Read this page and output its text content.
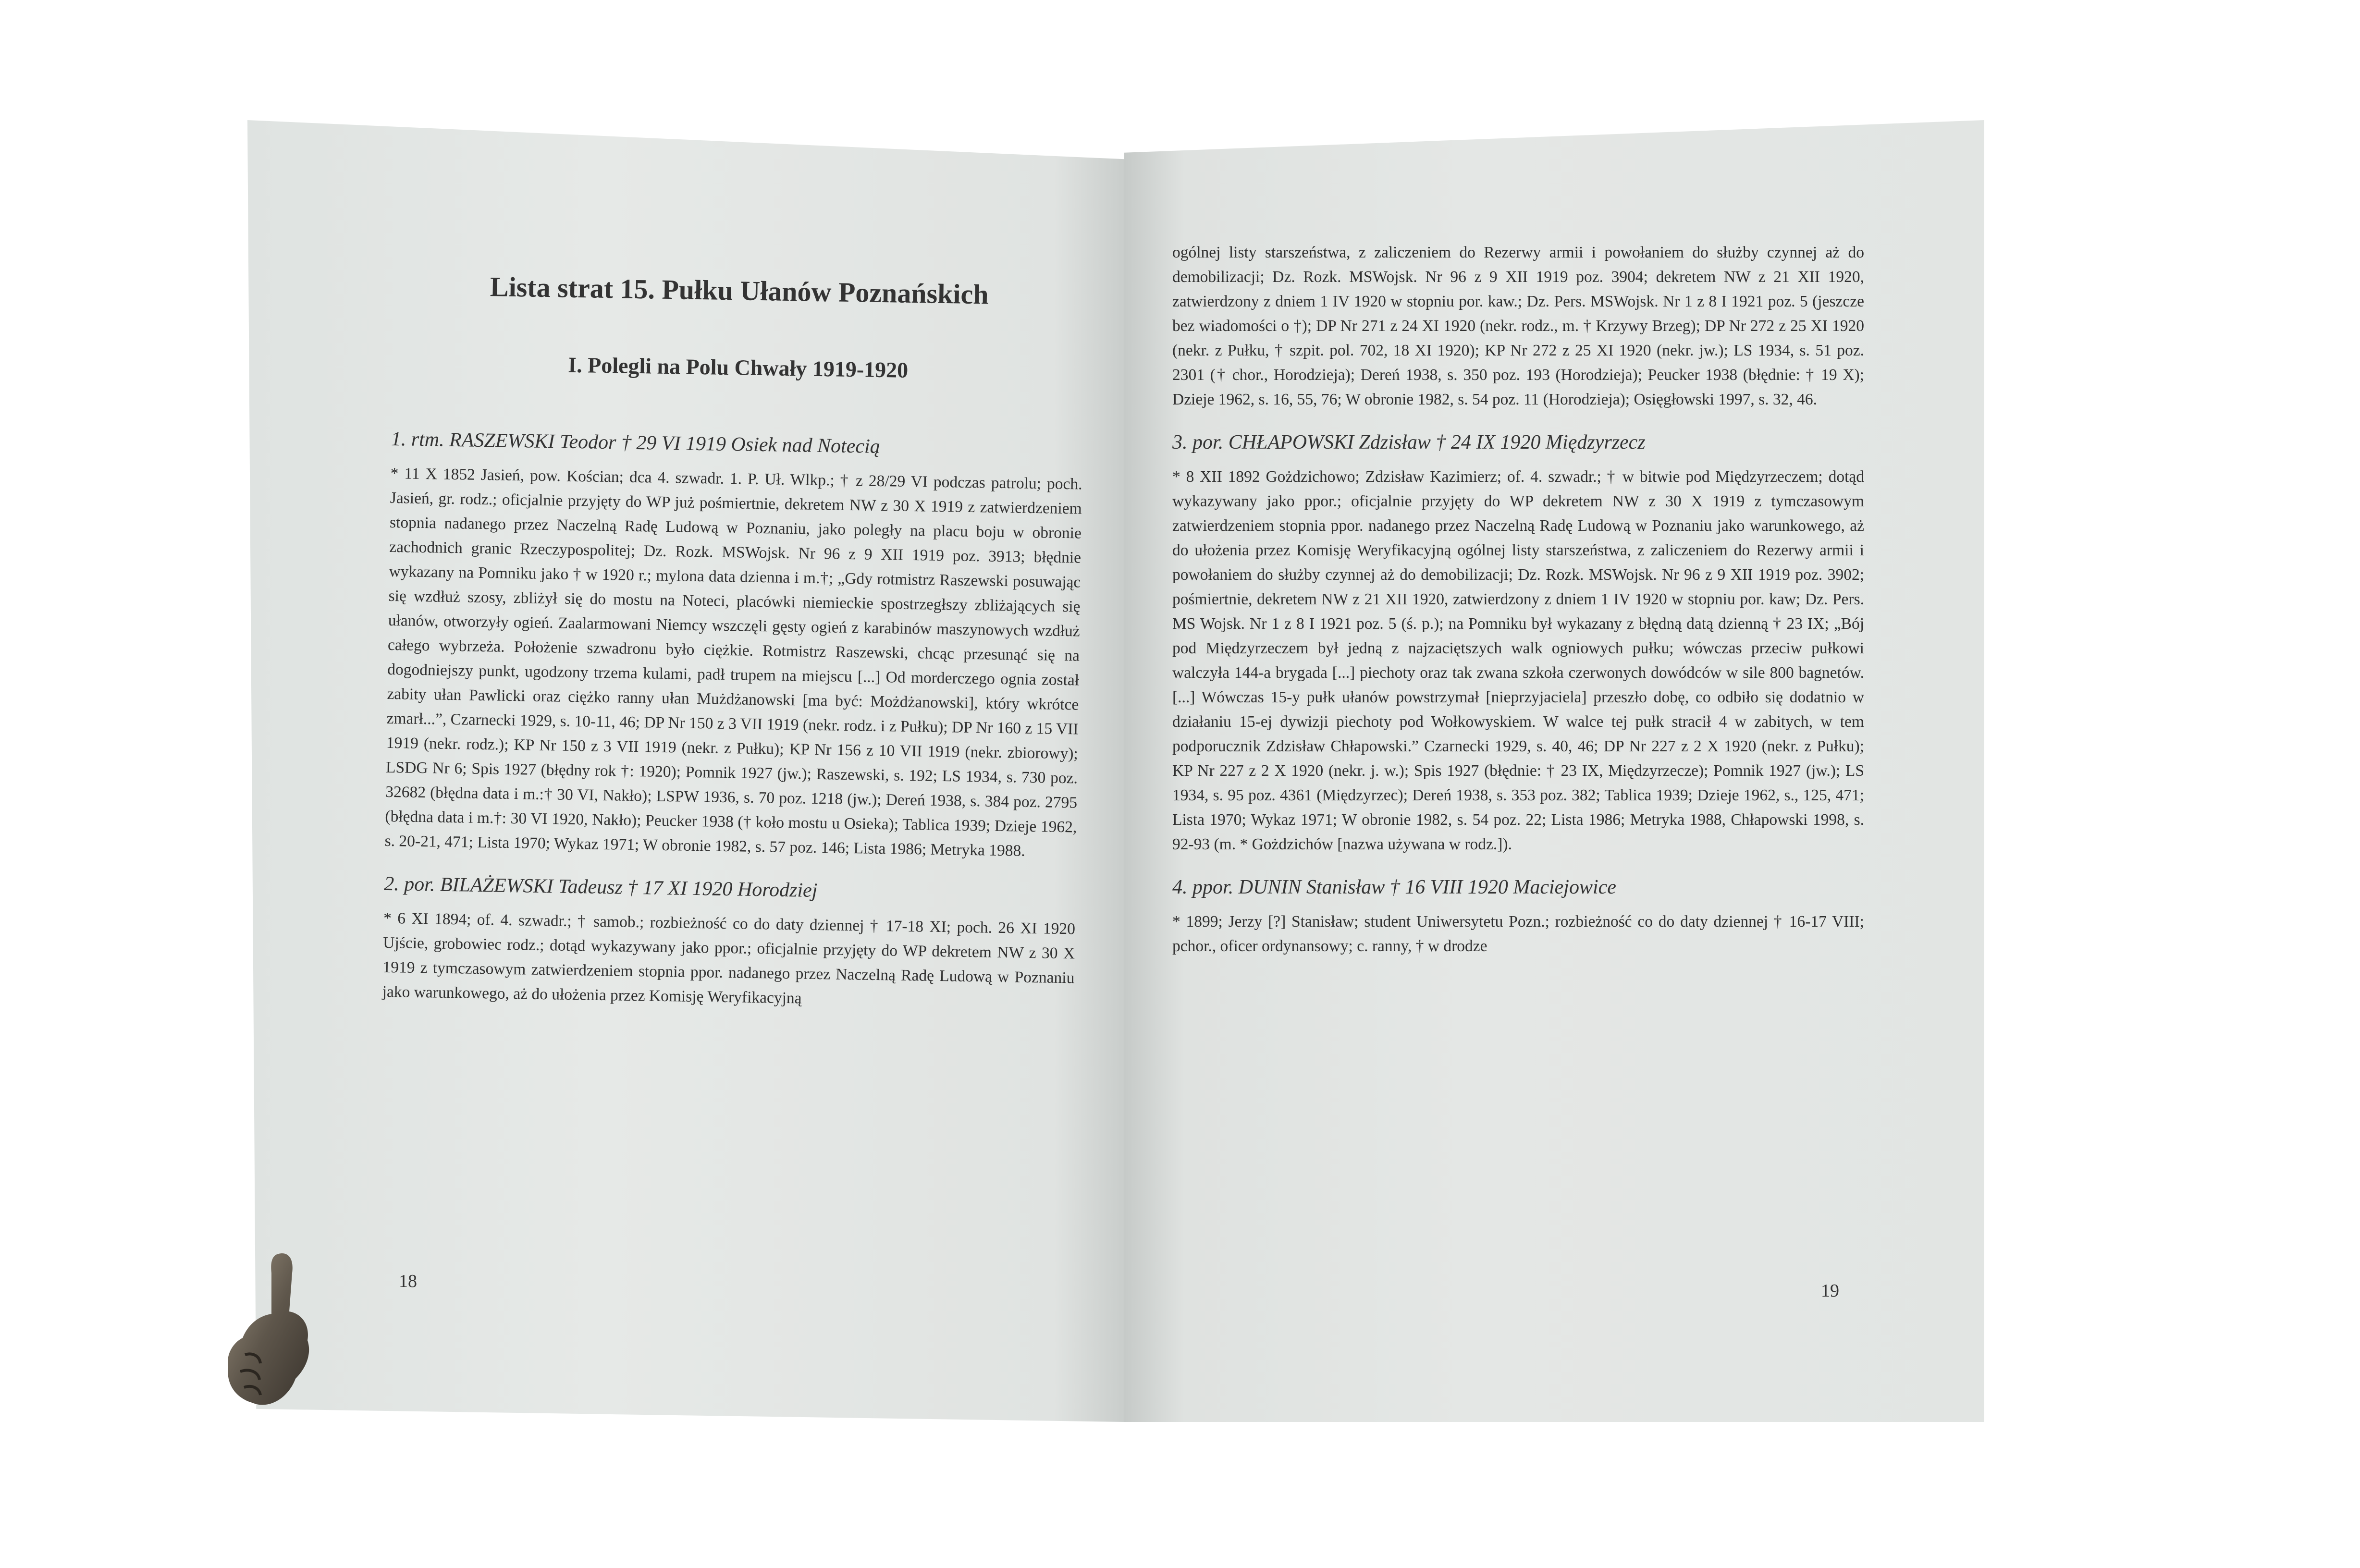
Lista strat 15. Pułku Ułanów Poznańskich
I. Polegli na Polu Chwały 1919-1920
1. rtm. RASZEWSKI Teodor † 29 VI 1919 Osiek nad Notecią

* 11 X 1852 Jasień, pow. Kościan; dca 4. szwadr. 1. P. Uł. Wlkp.; † z 28/29 VI podczas patrolu; poch. Jasień, gr. rodz.; oficjalnie przyjęty do WP już pośmiertnie, dekretem NW z 30 X 1919 z zatwierdzeniem stopnia nadanego przez Naczelną Radę Ludową w Poznaniu, jako poległy na placu boju w obronie zachodnich granic Rzeczypospolitej; Dz. Rozk. MSWojsk. Nr 96 z 9 XII 1919 poz. 3913; błędnie wykazany na Pomniku jako † w 1920 r.; mylona data dzienna i m.†; „Gdy rotmistrz Raszewski posuwając się wzdłuż szosy, zbliżył się do mostu na Noteci, placówki niemieckie spostrzegłszy zbliżających się ułanów, otworzyły ogień. Zaalarmowani Niemcy wszczęli gęsty ogień z karabinów maszynowych wzdłuż całego wybrzeża. Położenie szwadronu było ciężkie. Rotmistrz Raszewski, chcąc przesunąć się na dogodniejszy punkt, ugodzony trzema kulami, padł trupem na miejscu [...] Od morderczego ognia został zabity ułan Pawlicki oraz ciężko ranny ułan Mużdżanowski [ma być: Możdżanowski], który wkrótce zmarł...”, Czarnecki 1929, s. 10-11, 46; DP Nr 150 z 3 VII 1919 (nekr. rodz. i z Pułku); DP Nr 160 z 15 VII 1919 (nekr. rodz.); KP Nr 150 z 3 VII 1919 (nekr. z Pułku); KP Nr 156 z 10 VII 1919 (nekr. zbiorowy); LSDG Nr 6; Spis 1927 (błędny rok †: 1920); Pomnik 1927 (jw.); Raszewski, s. 192; LS 1934, s. 730 poz. 32682 (błędna data i m.:† 30 VI, Nakło); LSPW 1936, s. 70 poz. 1218 (jw.); Dereń 1938, s. 384 poz. 2795 (błędna data i m.†: 30 VI 1920, Nakło); Peucker 1938 († koło mostu u Osieka); Tablica 1939; Dzieje 1962, s. 20-21, 471; Lista 1970; Wykaz 1971; W obronie 1982, s. 57 poz. 146; Lista 1986; Metryka 1988.

2. por. BILAŻEWSKI Tadeusz † 17 XI 1920 Horodziej

* 6 XI 1894; of. 4. szwadr.; † samob.; rozbieżność co do daty dziennej † 17-18 XI; poch. 26 XI 1920 Ujście, grobowiec rodz.; dotąd wykazywany jako ppor.; oficjalnie przyjęty do WP dekretem NW z 30 X 1919 z tymczasowym zatwierdzeniem stopnia ppor. nadanego przez Naczelną Radę Ludową w Poznaniu jako warunkowego, aż do ułożenia przez Komisję Weryfikacyjną

18

ogólnej listy starszeństwa, z zaliczeniem do Rezerwy armii i powołaniem do służby czynnej aż do demobilizacji; Dz. Rozk. MSWojsk. Nr 96 z 9 XII 1919 poz. 3904; dekretem NW z 21 XII 1920, zatwierdzony z dniem 1 IV 1920 w stopniu por. kaw.; Dz. Pers. MSWojsk. Nr 1 z 8 I 1921 poz. 5 (jeszcze bez wiadomości o †); DP Nr 271 z 24 XI 1920 (nekr. rodz., m. † Krzywy Brzeg); DP Nr 272 z 25 XI 1920 (nekr. z Pułku, † szpit. pol. 702, 18 XI 1920); KP Nr 272 z 25 XI 1920 (nekr. jw.); LS 1934, s. 51 poz. 2301 († chor., Horodzieja); Dereń 1938, s. 350 poz. 193 (Horodzieja); Peucker 1938 (błędnie: † 19 X); Dzieje 1962, s. 16, 55, 76; W obronie 1982, s. 54 poz. 11 (Horodzieja); Osięgłowski 1997, s. 32, 46.

3. por. CHŁAPOWSKI Zdzisław † 24 IX 1920 Międzyrzecz

* 8 XII 1892 Gożdzichowo; Zdzisław Kazimierz; of. 4. szwadr.; † w bitwie pod Międzyrzeczem; dotąd wykazywany jako ppor.; oficjalnie przyjęty do WP dekretem NW z 30 X 1919 z tymczasowym zatwierdzeniem stopnia ppor. nadanego przez Naczelną Radę Ludową w Poznaniu jako warunkowego, aż do ułożenia przez Komisję Weryfikacyjną ogólnej listy starszeństwa, z zaliczeniem do Rezerwy armii i powołaniem do służby czynnej aż do demobilizacji; Dz. Rozk. MSWojsk. Nr 96 z 9 XII 1919 poz. 3902; pośmiertnie, dekretem NW z 21 XII 1920, zatwierdzony z dniem 1 IV 1920 w stopniu por. kaw; Dz. Pers. MS Wojsk. Nr 1 z 8 I 1921 poz. 5 (ś. p.); na Pomniku był wykazany z błędną datą dzienną † 23 IX; „Bój pod Międzyrzeczem był jedną z najzaciętszych walk ogniowych pułku; wówczas przeciw pułkowi walczyła 144-a brygada [...] piechoty oraz tak zwana szkoła czerwonych dowódców w sile 800 bagnetów. [...] Wówczas 15-y pułk ułanów powstrzymał [nieprzyjaciela] przeszło dobę, co odbiło się dodatnio w działaniu 15-ej dywizji piechoty pod Wołkowyskiem. W walce tej pułk stracił 4 w zabitych, w tem podporucznik Zdzisław Chłapowski.” Czarnecki 1929, s. 40, 46; DP Nr 227 z 2 X 1920 (nekr. z Pułku); KP Nr 227 z 2 X 1920 (nekr. j. w.); Spis 1927 (błędnie: † 23 IX, Międzyrzecze); Pomnik 1927 (jw.); LS 1934, s. 95 poz. 4361 (Międzyrzec); Dereń 1938, s. 353 poz. 382; Tablica 1939; Dzieje 1962, s., 125, 471; Lista 1970; Wykaz 1971; W obronie 1982, s. 54 poz. 22; Lista 1986; Metryka 1988, Chłapowski 1998, s. 92-93 (m. * Gożdzichów [nazwa używana w rodz.]).

4. ppor. DUNIN Stanisław † 16 VIII 1920 Maciejowice

* 1899; Jerzy [?] Stanisław; student Uniwersytetu Pozn.; rozbieżność co do daty dziennej † 16-17 VIII; pchor., oficer ordynansowy; c. ranny, † w drodze

19
